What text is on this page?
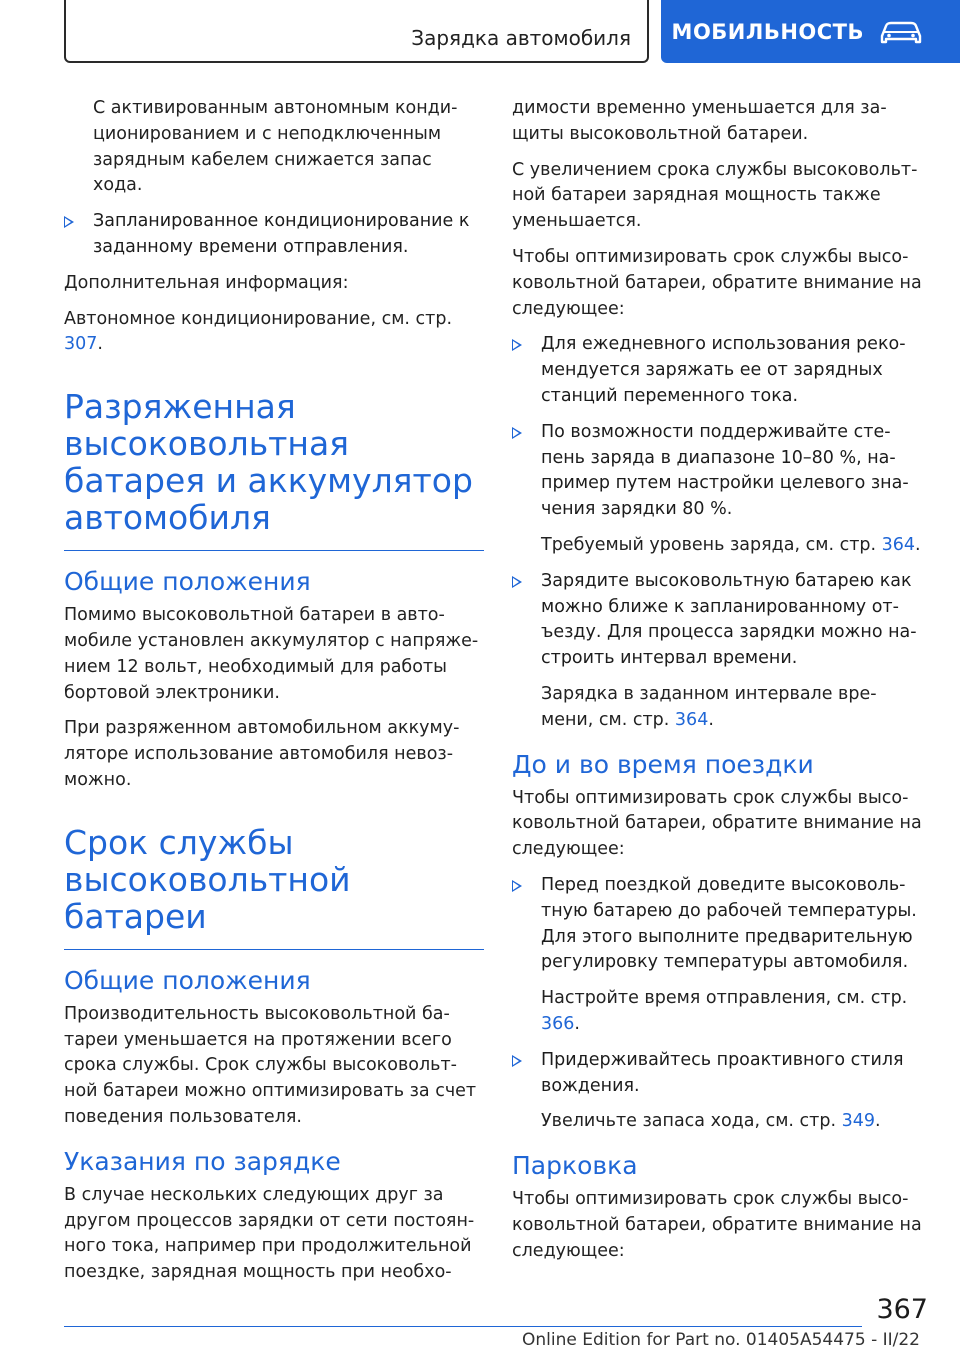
Зарядка автомобиля МОБИЛЬНОСТЬ

С активированным автономным конди- ционированием и с неподключенным зарядным кабелем снижается запас хода.

Запланированное кондиционирование к заданному времени отправления.

Дополнительная информация:

Автономное кондиционирование, см. стр. 307.

Разряженная высоковольтная батарея и аккумулятор автомобиля
Общие положения

Помимо высоковольтной батареи в авто- мобиле установлен аккумулятор с напряже- нием 12 вольт, необходимый для работы бортовой электроники.

При разряженном автомобильном аккуму- ляторе использование автомобиля невоз- можно.

Срок службы высоковольтной батареи
Общие положения

Производительность высоковольтной ба- тареи уменьшается на протяжении всего срока службы. Срок службы высоковольт- ной батареи можно оптимизировать за счет поведения пользователя.

Указания по зарядке

В случае нескольких следующих друг за другом процессов зарядки от сети постоян- ного тока, например при продолжительной поездке, зарядная мощность при необхо-

димости временно уменьшается для за- щиты высоковольтной батареи.

С увеличением срока службы высоковольт- ной батареи зарядная мощность также уменьшается.

Чтобы оптимизировать срок службы высо- ковольтной батареи, обратите внимание на следующее:

Для ежедневного использования реко- мендуется заряжать ее от зарядных станций переменного тока.
По возможности поддерживайте сте- пень заряда в диапазоне 10–80 %, на- пример путем настройки целевого зна- чения зарядки 80 %.

Требуемый уровень заряда, см. стр. 364.

Зарядите высоковольтную батарею как можно ближе к запланированному от- ъезду. Для процесса зарядки можно на- строить интервал времени.

Зарядка в заданном интервале вре- мени, см. стр. 364.

До и во время поездки

Чтобы оптимизировать срок службы высо- ковольтной батареи, обратите внимание на следующее:

Перед поездкой доведите высоковоль- тную батарею до рабочей температуры. Для этого выполните предварительную регулировку температуры автомобиля.

Настройте время отправления, см. стр. 366.

Придерживайтесь проактивного стиля вождения.

Увеличьте запаса хода, см. стр. 349.

Парковка

Чтобы оптимизировать срок службы высо- ковольтной батареи, обратите внимание на следующее:

367
Online Edition for Part no. 01405A54475 - II/22
